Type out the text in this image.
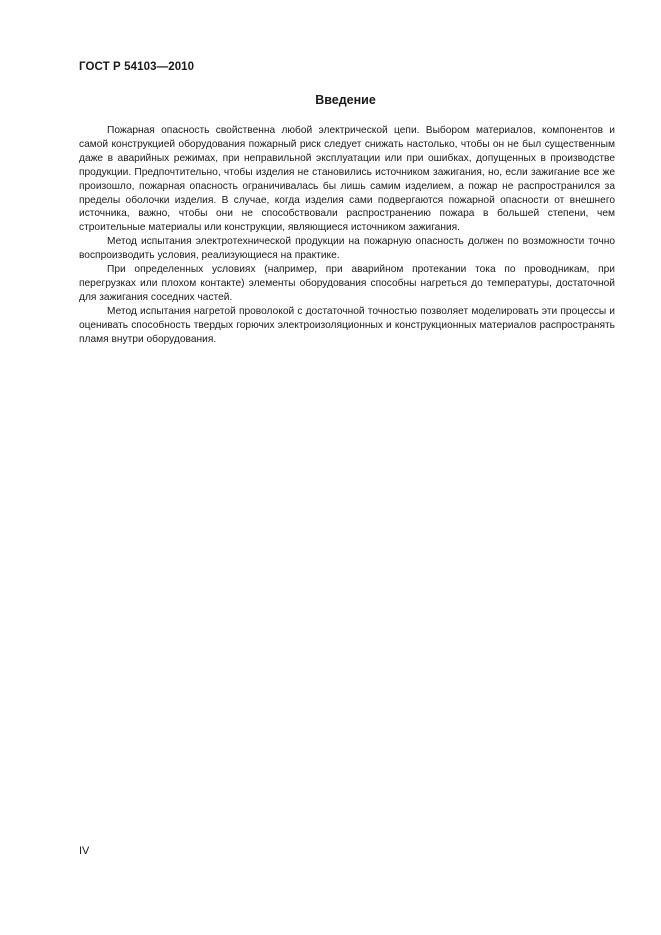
ГОСТ Р 54103—2010
Введение

Пожарная опасность свойственна любой электрической цепи. Выбором материалов, компонентов и самой конструкцией оборудования пожарный риск следует снижать настолько, чтобы он не был существенным даже в аварийных режимах, при неправильной эксплуатации или при ошибках, допущенных в производстве продукции. Предпочтительно, чтобы изделия не становились источником зажигания, но, если зажигание все же произошло, пожарная опасность ограничивалась бы лишь самим изделием, а пожар не распространился за пределы оболочки изделия. В случае, когда изделия сами подвергаются пожарной опасности от внешнего источника, важно, чтобы они не способствовали распространению пожара в большей степени, чем строительные материалы или конструкции, являющиеся источником зажигания.

Метод испытания электротехнической продукции на пожарную опасность должен по возможности точно воспроизводить условия, реализующиеся на практике.

При определенных условиях (например, при аварийном протекании тока по проводникам, при перегрузках или плохом контакте) элементы оборудования способны нагреться до температуры, достаточной для зажигания соседних частей.

Метод испытания нагретой проволокой с достаточной точностью позволяет моделировать эти процессы и оценивать способность твердых горючих электроизоляционных и конструкционных материалов распространять пламя внутри оборудования.

IV
